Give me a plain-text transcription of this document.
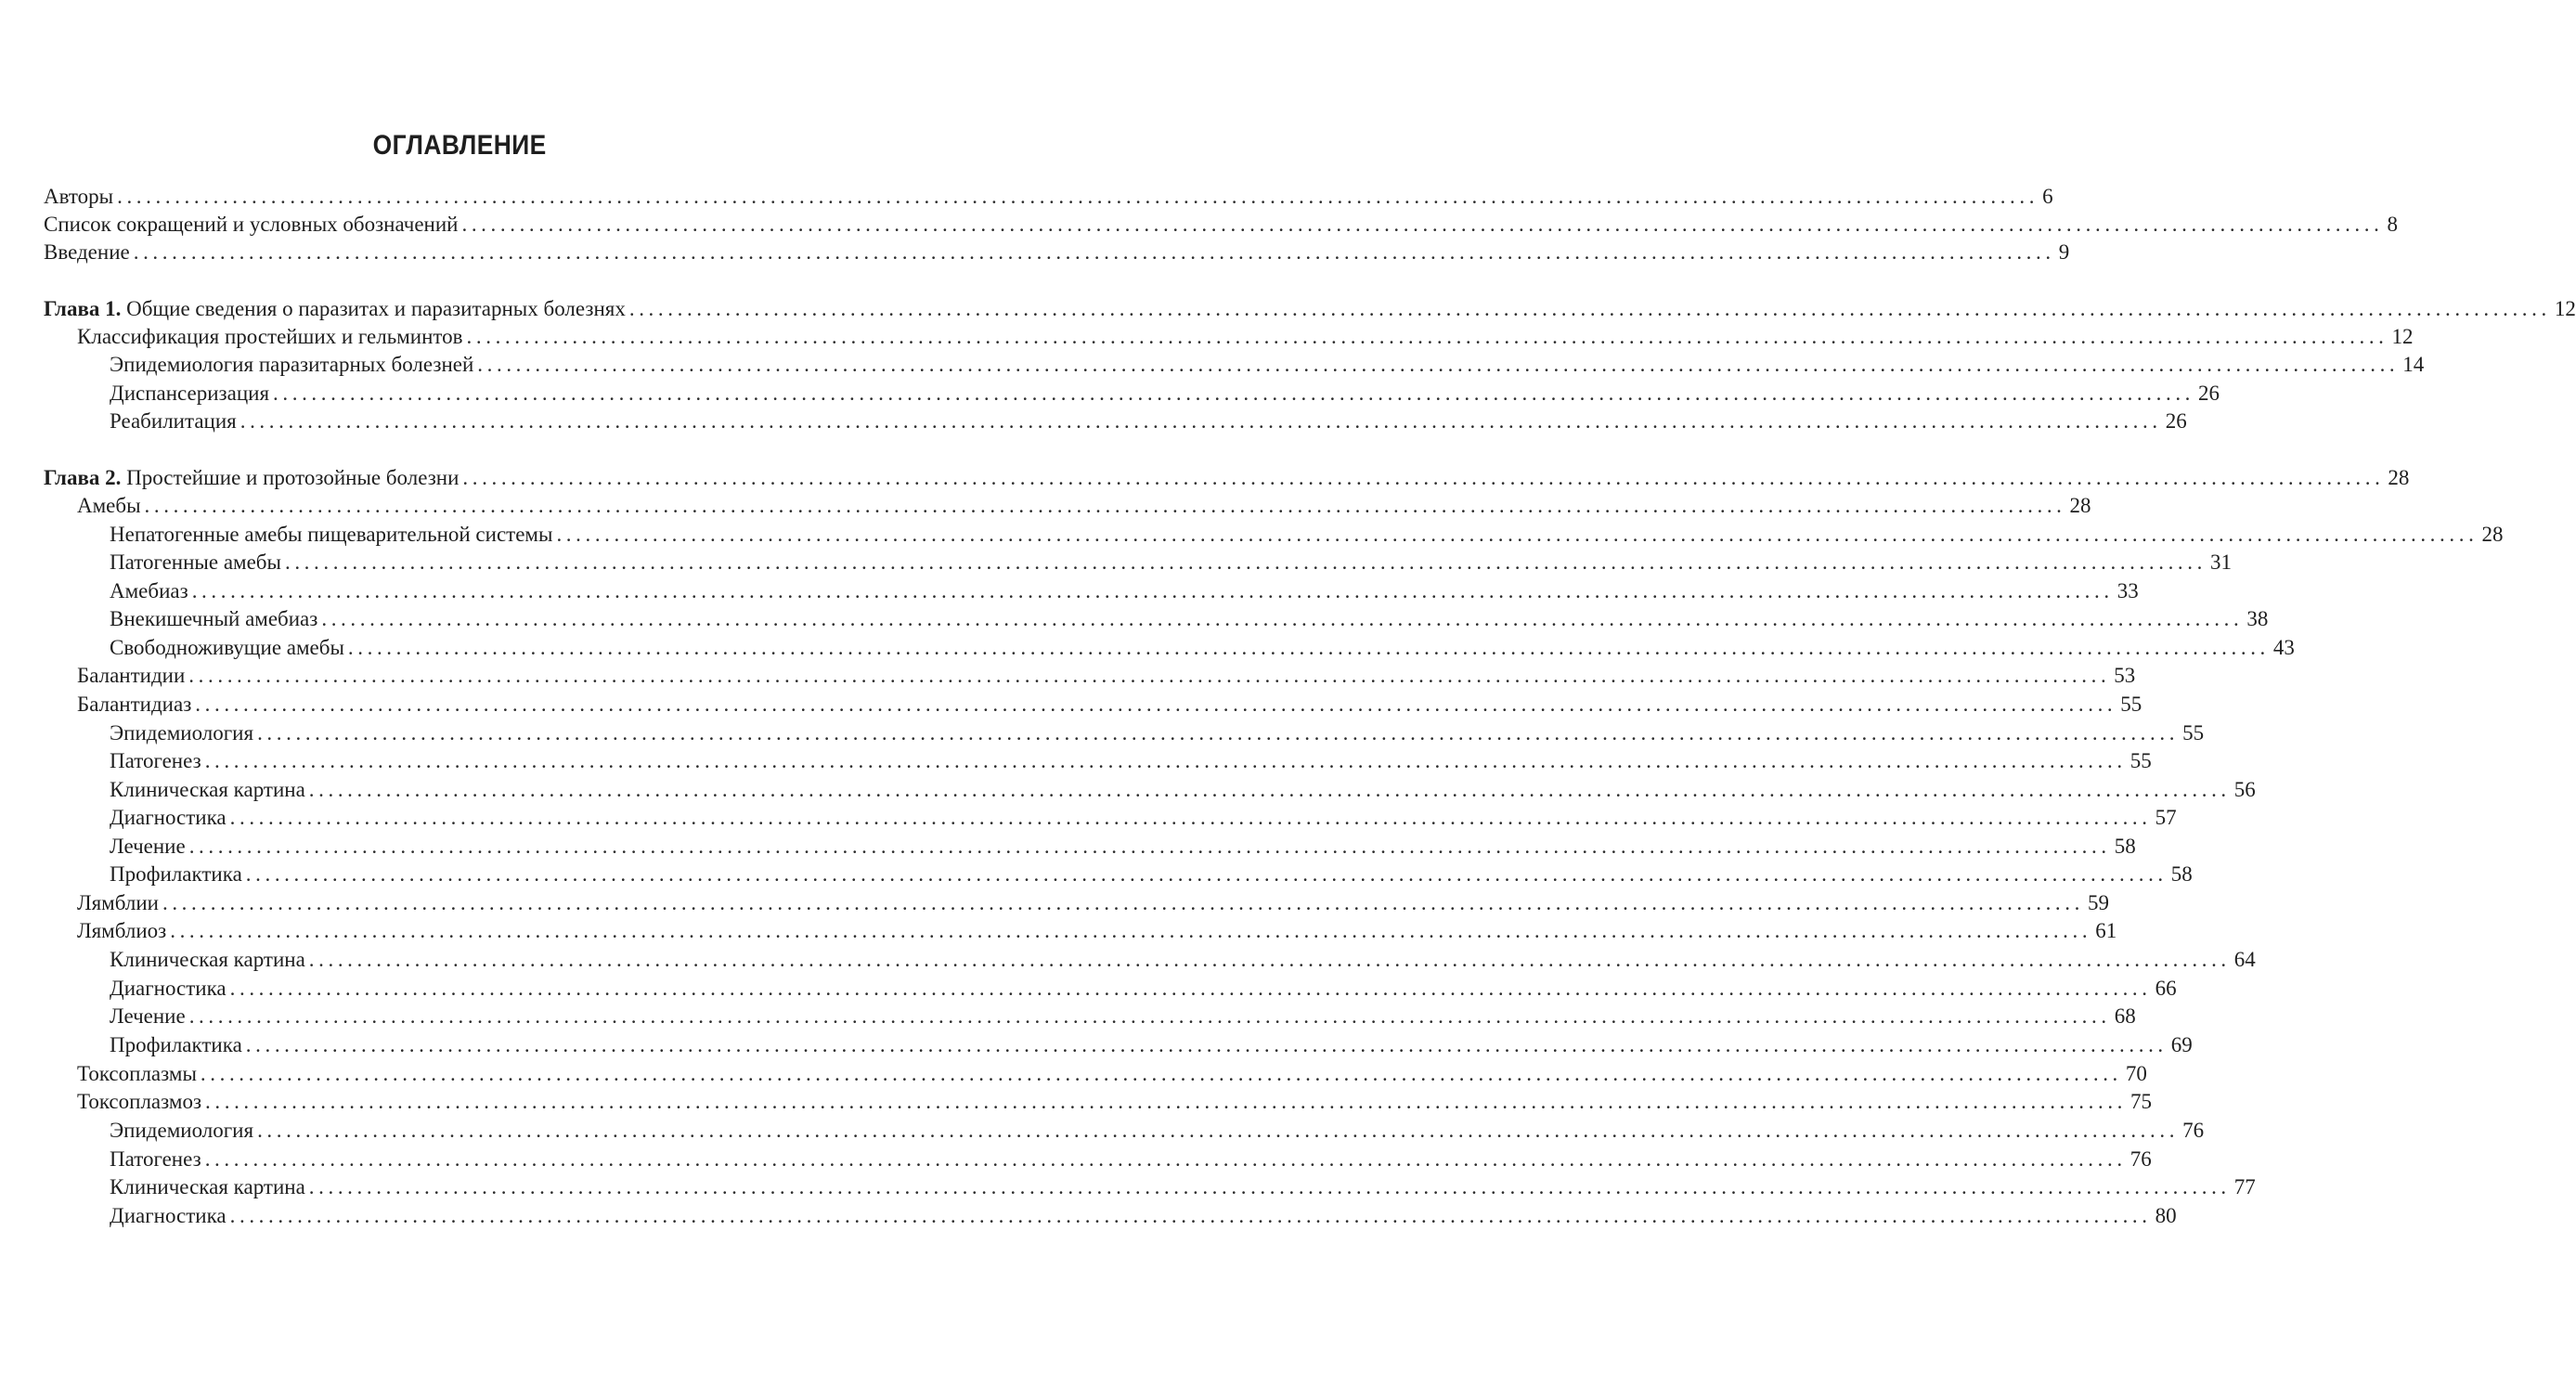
ОГЛАВЛЕНИЕ
Авторы ........................................................................................................................................................................................................ 6
Список сокращений и условных обозначений ........................................................................................................................................................................................................ 8
Введение ........................................................................................................................................................................................................ 9
Глава 1. Общие сведения о паразитах и паразитарных болезнях ........................................................................................................................................................................................................ 12
Классификация простейших и гельминтов ........................................................................................................................................................................................................ 12
Эпидемиология паразитарных болезней ........................................................................................................................................................................................................ 14
Диспансеризация ........................................................................................................................................................................................................ 26
Реабилитация ........................................................................................................................................................................................................ 26
Глава 2. Простейшие и протозойные болезни ........................................................................................................................................................................................................ 28
Амебы ........................................................................................................................................................................................................ 28
Непатогенные амебы пищеварительной системы ........................................................................................................................................................................................................ 28
Патогенные амебы ........................................................................................................................................................................................................ 31
Амебиаз ........................................................................................................................................................................................................ 33
Внекишечный амебиаз ........................................................................................................................................................................................................ 38
Свободноживущие амебы ........................................................................................................................................................................................................ 43
Балантидии ........................................................................................................................................................................................................ 53
Балантидиаз ........................................................................................................................................................................................................ 55
Эпидемиология ........................................................................................................................................................................................................ 55
Патогенез ........................................................................................................................................................................................................ 55
Клиническая картина ........................................................................................................................................................................................................ 56
Диагностика ........................................................................................................................................................................................................ 57
Лечение ........................................................................................................................................................................................................ 58
Профилактика ........................................................................................................................................................................................................ 58
Лямблии ........................................................................................................................................................................................................ 59
Лямблиоз ........................................................................................................................................................................................................ 61
Клиническая картина ........................................................................................................................................................................................................ 64
Диагностика ........................................................................................................................................................................................................ 66
Лечение ........................................................................................................................................................................................................ 68
Профилактика ........................................................................................................................................................................................................ 69
Токсоплазмы ........................................................................................................................................................................................................ 70
Токсоплазмоз ........................................................................................................................................................................................................ 75
Эпидемиология ........................................................................................................................................................................................................ 76
Патогенез ........................................................................................................................................................................................................ 76
Клиническая картина ........................................................................................................................................................................................................ 77
Диагностика ........................................................................................................................................................................................................ 80
